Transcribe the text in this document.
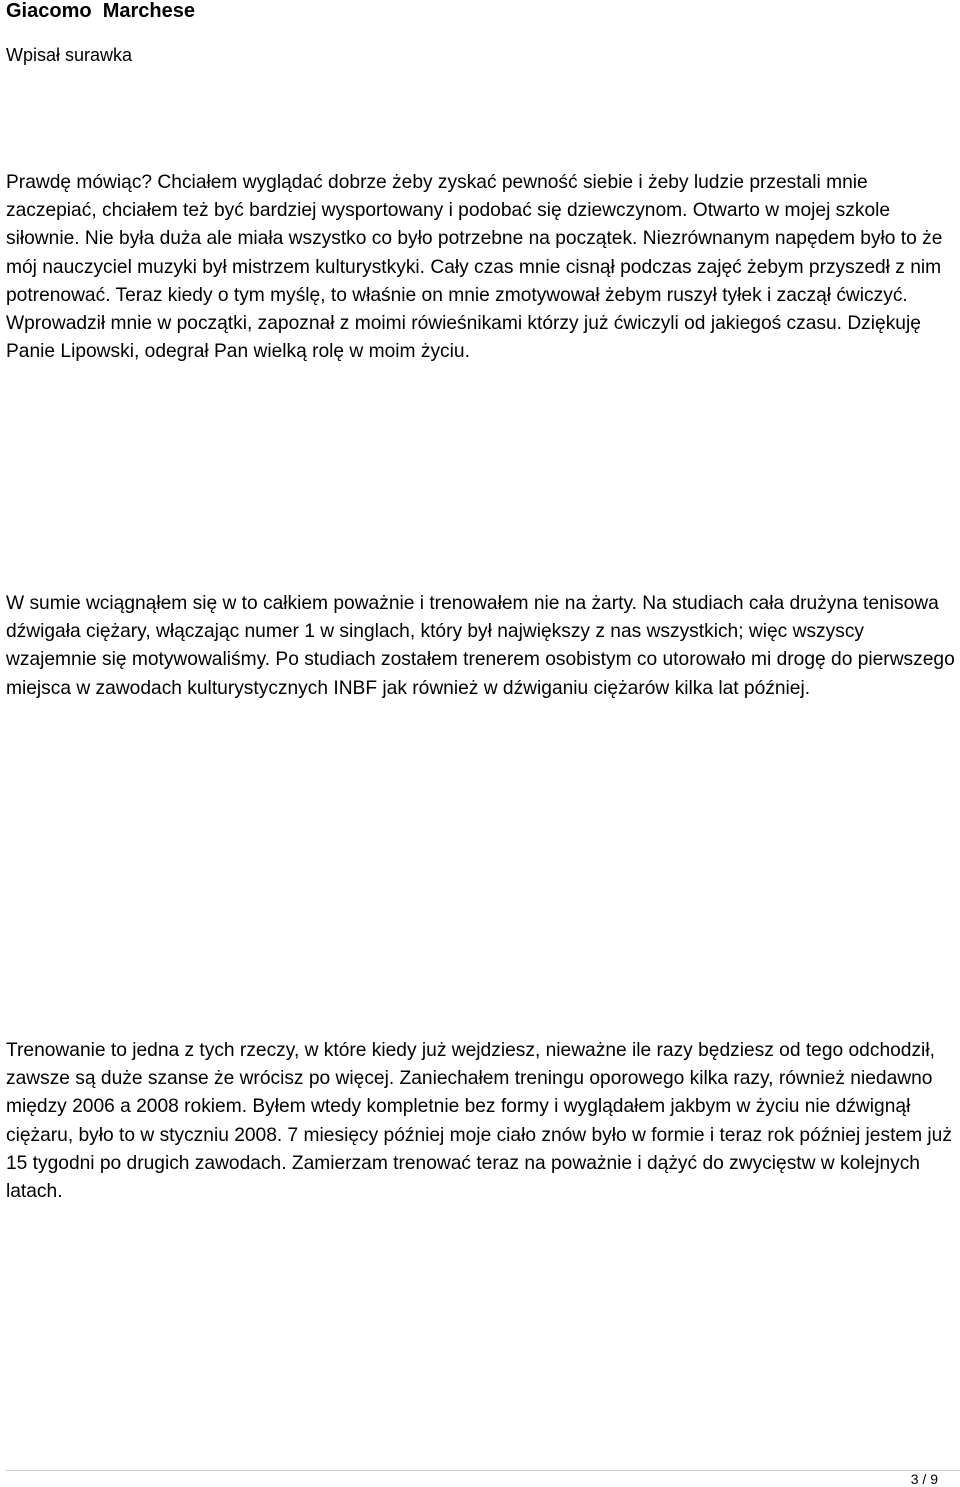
Giacomo  Marchese
Wpisał surawka

Prawdę mówiąc? Chciałem wyglądać dobrze żeby zyskać pewność siebie i żeby ludzie przestali mnie zaczepiać, chciałem też być bardziej wysportowany i podobać się dziewczynom. Otwarto w mojej szkole siłownie. Nie była duża ale miała wszystko co było potrzebne na początek. Niezrównanym napędem było to że mój nauczyciel muzyki był mistrzem kulturystkyki. Cały czas mnie cisnął podczas zajęć żebym przyszedł z nim potrenować. Teraz kiedy o tym myślę, to właśnie on mnie zmotywował żebym ruszył tyłek i zaczął ćwiczyć. Wprowadził mnie w początki, zapoznał z moimi rówieśnikami którzy już ćwiczyli od jakiegoś czasu. Dziękuję Panie Lipowski, odegrał Pan wielką rolę w moim życiu.

W sumie wciągnąłem się w to całkiem poważnie i trenowałem nie na żarty. Na studiach cała drużyna tenisowa dźwigała ciężary, włączając numer 1 w singlach, który był największy z nas wszystkich; więc wszyscy wzajemnie się motywowaliśmy. Po studiach zostałem trenerem osobistym co utorowało mi drogę do pierwszego miejsca w zawodach kulturystycznych INBF jak również w dźwiganiu ciężarów kilka lat później.

Trenowanie to jedna z tych rzeczy, w które kiedy już wejdziesz, nieważne ile razy będziesz od tego odchodził, zawsze są duże szanse że wrócisz po więcej. Zaniechałem treningu oporowego kilka razy, również niedawno między 2006 a 2008 rokiem. Byłem wtedy kompletnie bez formy i wyglądałem jakbym w życiu nie dźwignął ciężaru, było to w styczniu 2008. 7 miesięcy później moje ciało znów było w formie i teraz rok później jestem już 15 tygodni po drugich zawodach. Zamierzam trenować teraz na poważnie i dążyć do zwycięstw w kolejnych latach.

3 / 9
